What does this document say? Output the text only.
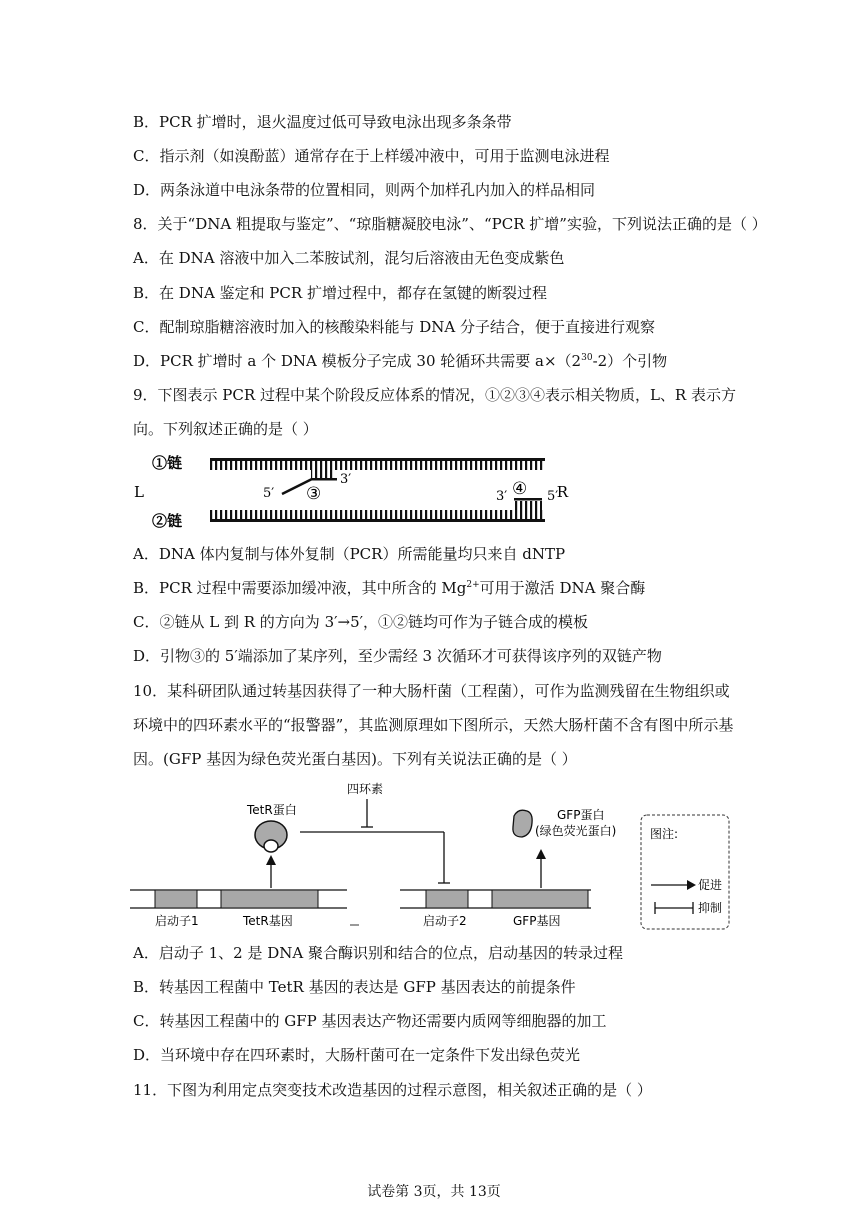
B．PCR 扩增时，退火温度过低可导致电泳出现多条条带
C．指示剂（如溴酚蓝）通常存在于上样缓冲液中，可用于监测电泳进程
D．两条泳道中电泳条带的位置相同，则两个加样孔内加入的样品相同
8．关于“DNA 粗提取与鉴定”、“琼脂糖凝胶电泳”、“PCR 扩增”实验，下列说法正确的是（ ）
A．在 DNA 溶液中加入二苯胺试剂，混匀后溶液由无色变成紫色
B．在 DNA 鉴定和 PCR 扩增过程中，都存在氢键的断裂过程
C．配制琼脂糖溶液时加入的核酸染料能与 DNA 分子结合，便于直接进行观察
D．PCR 扩增时 a 个 DNA 模板分子完成 30 轮循环共需要 $a\times(2^{30}-2)$个引物
9．下图表示 PCR 过程中某个阶段反应体系的情况，①②③④表示相关物质，L、R 表示方
向。下列叙述正确的是（ ）
①链
②链
L	R
③
5′
3′	④
3′	5′
A．DNA 体内复制与体外复制（PCR）所需能量均只来自 dNTP
B．PCR 过程中需要添加缓冲液，其中所含的 $Mg^{2+}$可用于激活 DNA 聚合酶
C．②链从 L 到 R 的方向为 3′→5′，①②链均可作为子链合成的模板
D．引物③的 5′端添加了某序列，至少需经 3 次循环才可获得该序列的双链产物
10．某科研团队通过转基因获得了一种大肠杆菌（工程菌），可作为监测残留在生物组织或
环境中的四环素水平的“报警器”，其监测原理如下图所示，天然大肠杆菌不含有图中所示基
因。(GFP 基因为绿色荧光蛋白基因)。下列有关说法正确的是（ ）
四环素
TetR蛋白
启动子1	TetR基因	启动子2	GFP基因
GFP蛋白
(绿色荧光蛋白)	图注:
促进
抑制
A．启动子 1、2 是 DNA 聚合酶识别和结合的位点，启动基因的转录过程
B．转基因工程菌中 TetR 基因的表达是 GFP 基因表达的前提条件
C．转基因工程菌中的 GFP 基因表达产物还需要内质网等细胞器的加工
D．当环境中存在四环素时，大肠杆菌可在一定条件下发出绿色荧光
11．下图为利用定点突变技术改造基因的过程示意图，相关叙述正确的是（ ）
试卷第 3页，共 13页
